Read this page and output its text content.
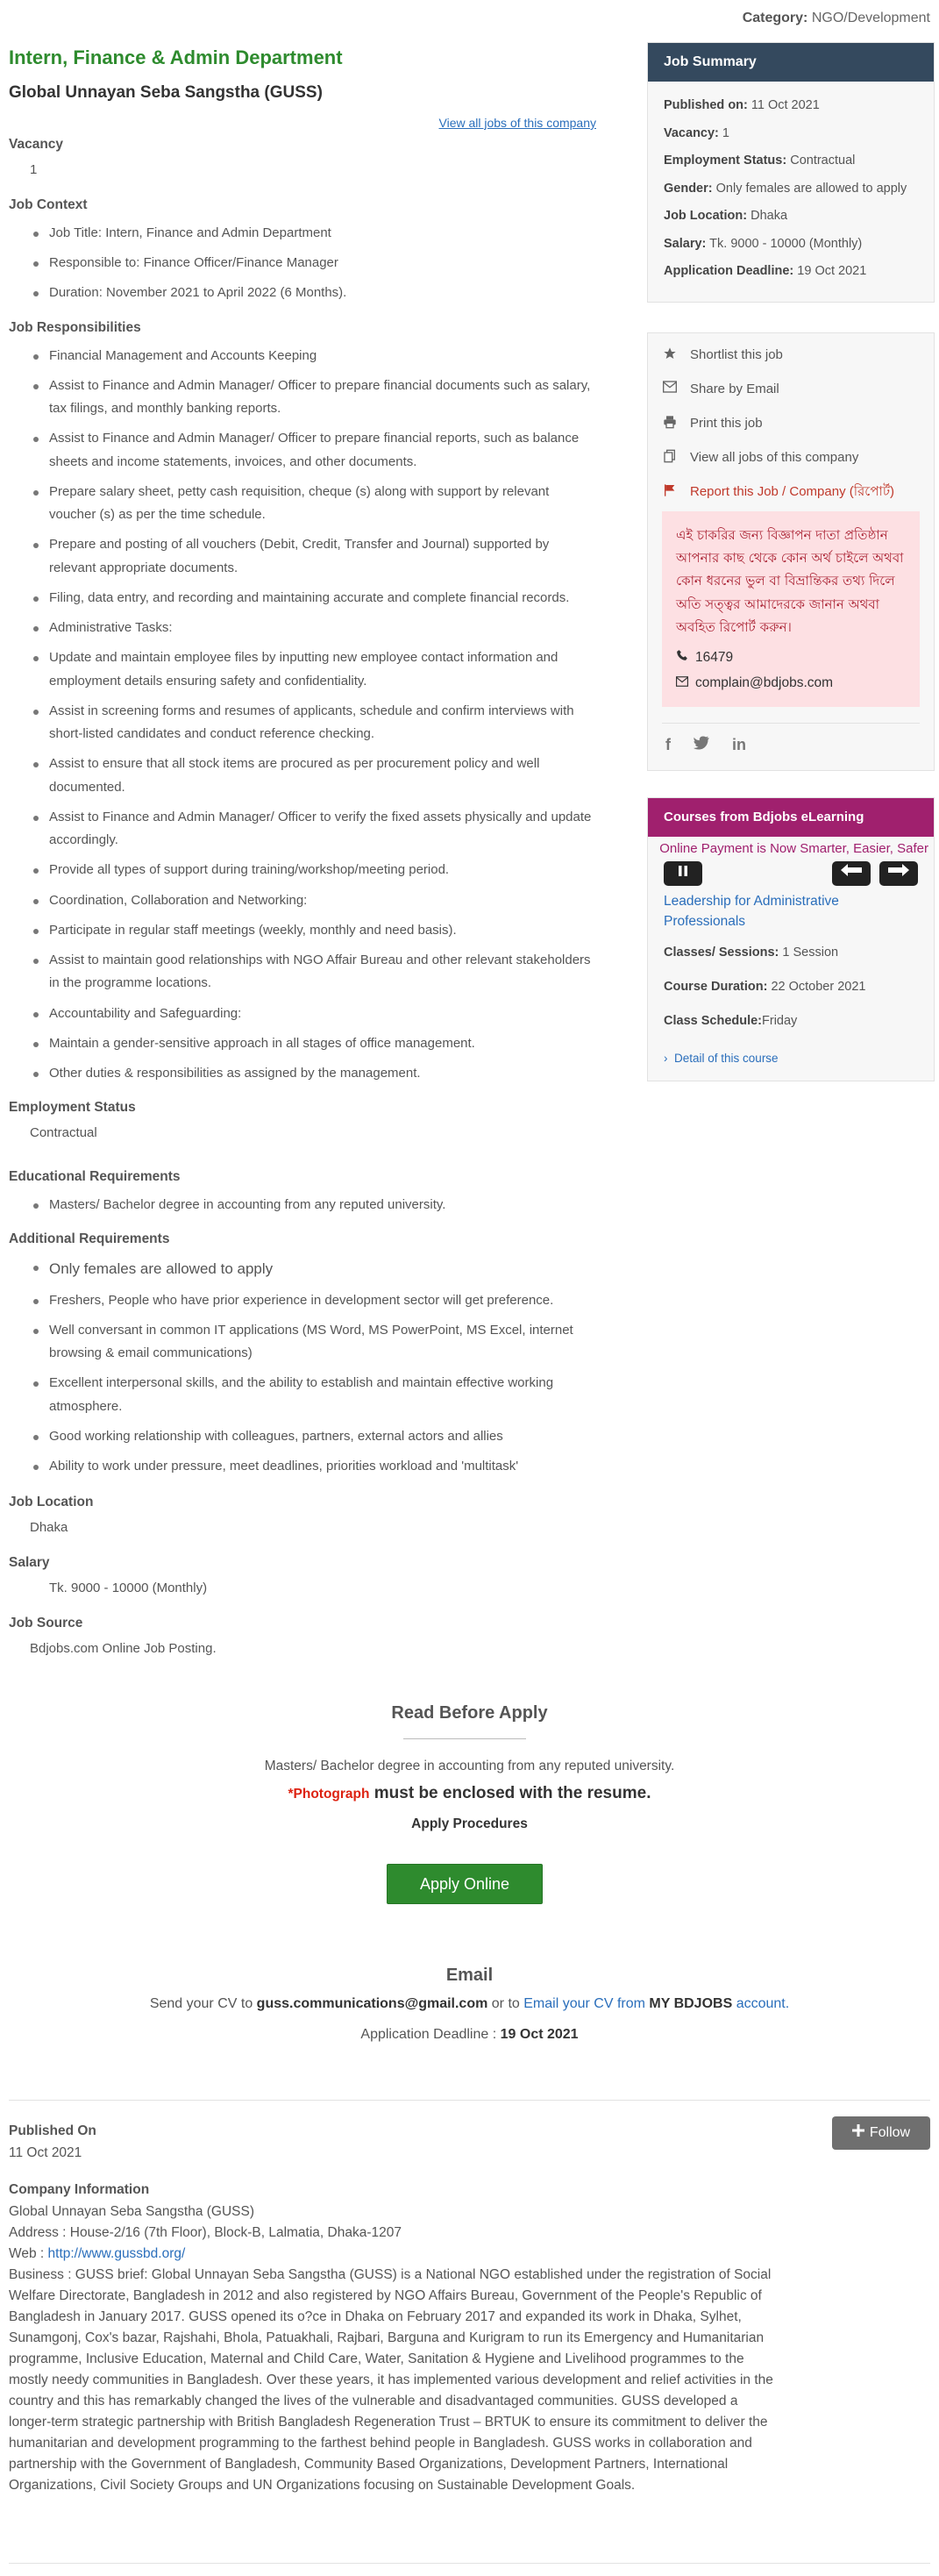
Category: NGO/Development
Intern, Finance & Admin Department
Global Unnayan Seba Sangstha (GUSS)
View all jobs of this company
Vacancy
1
Job Context
Job Title: Intern, Finance and Admin Department
Responsible to: Finance Officer/Finance Manager
Duration: November 2021 to April 2022 (6 Months).
Job Responsibilities
Financial Management and Accounts Keeping
Assist to Finance and Admin Manager/ Officer to prepare financial documents such as salary, tax filings, and monthly banking reports.
Assist to Finance and Admin Manager/ Officer to prepare financial reports, such as balance sheets and income statements, invoices, and other documents.
Prepare salary sheet, petty cash requisition, cheque (s) along with support by relevant voucher (s) as per the time schedule.
Prepare and posting of all vouchers (Debit, Credit, Transfer and Journal) supported by relevant appropriate documents.
Filing, data entry, and recording and maintaining accurate and complete financial records.
Administrative Tasks:
Update and maintain employee files by inputting new employee contact information and employment details ensuring safety and confidentiality.
Assist in screening forms and resumes of applicants, schedule and confirm interviews with short-listed candidates and conduct reference checking.
Assist to ensure that all stock items are procured as per procurement policy and well documented.
Assist to Finance and Admin Manager/ Officer to verify the fixed assets physically and update accordingly.
Provide all types of support during training/workshop/meeting period.
Coordination, Collaboration and Networking:
Participate in regular staff meetings (weekly, monthly and need basis).
Assist to maintain good relationships with NGO Affair Bureau and other relevant stakeholders in the programme locations.
Accountability and Safeguarding:
Maintain a gender-sensitive approach in all stages of office management.
Other duties & responsibilities as assigned by the management.
Employment Status
Contractual
Educational Requirements
Masters/ Bachelor degree in accounting from any reputed university.
Additional Requirements
Only females are allowed to apply
Freshers, People who have prior experience in development sector will get preference.
Well conversant in common IT applications (MS Word, MS PowerPoint, MS Excel, internet browsing & email communications)
Excellent interpersonal skills, and the ability to establish and maintain effective working atmosphere.
Good working relationship with colleagues, partners, external actors and allies
Ability to work under pressure, meet deadlines, priorities workload and 'multitask'
Job Location
Dhaka
Salary
Tk. 9000 - 10000 (Monthly)
Job Source
Bdjobs.com Online Job Posting.
Job Summary
Published on: 11 Oct 2021
Vacancy: 1
Employment Status: Contractual
Gender: Only females are allowed to apply
Job Location: Dhaka
Salary: Tk. 9000 - 10000 (Monthly)
Application Deadline: 19 Oct 2021
Shortlist this job
Share by Email
Print this job
View all jobs of this company
Report this Job / Company (রিপোর্ট)
এই চাকরির জন্য বিজ্ঞাপন দাতা প্রতিষ্ঠান আপনার কাছ থেকে কোন অর্থ চাইলে অথবা কোন ধরনের ভুল বা বিভ্রান্তিকর তথ্য দিলে অতি সত্ত্বর আমাদেরকে জানান অথবা অবহিত রিপোর্ট করুন।
16479
complain@bdjobs.com
f	in
Courses from Bdjobs eLearning
Online Payment is Now Smarter, Easier, Safer
Leadership for Administrative Professionals
Classes/ Sessions: 1 Session
Course Duration: 22 October 2021
Class Schedule:Friday
› Detail of this course
Read Before Apply
Masters/ Bachelor degree in accounting from any reputed university.
*Photograph must be enclosed with the resume.
Apply Procedures
Apply Online
Email
Send your CV to guss.communications@gmail.com or to Email your CV from MY BDJOBS account.
Application Deadline : 19 Oct 2021
Follow
Published On
11 Oct 2021
Company Information
Global Unnayan Seba Sangstha (GUSS)
Address : House-2/16 (7th Floor), Block-B, Lalmatia, Dhaka-1207
Web : http://www.gussbd.org/
Business : GUSS brief: Global Unnayan Seba Sangstha (GUSS) is a National NGO established under the registration of Social Welfare Directorate, Bangladesh in 2012 and also registered by NGO Affairs Bureau, Government of the People's Republic of Bangladesh in January 2017. GUSS opened its o?ce in Dhaka on February 2017 and expanded its work in Dhaka, Sylhet, Sunamgonj, Cox's bazar, Rajshahi, Bhola, Patuakhali, Rajbari, Barguna and Kurigram to run its Emergency and Humanitarian programme, Inclusive Education, Maternal and Child Care, Water, Sanitation & Hygiene and Livelihood programmes to the mostly needy communities in Bangladesh. Over these years, it has implemented various development and relief activities in the country and this has remarkably changed the lives of the vulnerable and disadvantaged communities. GUSS developed a longer-term strategic partnership with British Bangladesh Regeneration Trust – BRTUK to ensure its commitment to deliver the humanitarian and development programming to the farthest behind people in Bangladesh. GUSS works in collaboration and partnership with the Government of Bangladesh, Community Based Organizations, Development Partners, International Organizations, Civil Society Groups and UN Organizations focusing on Sustainable Development Goals.
